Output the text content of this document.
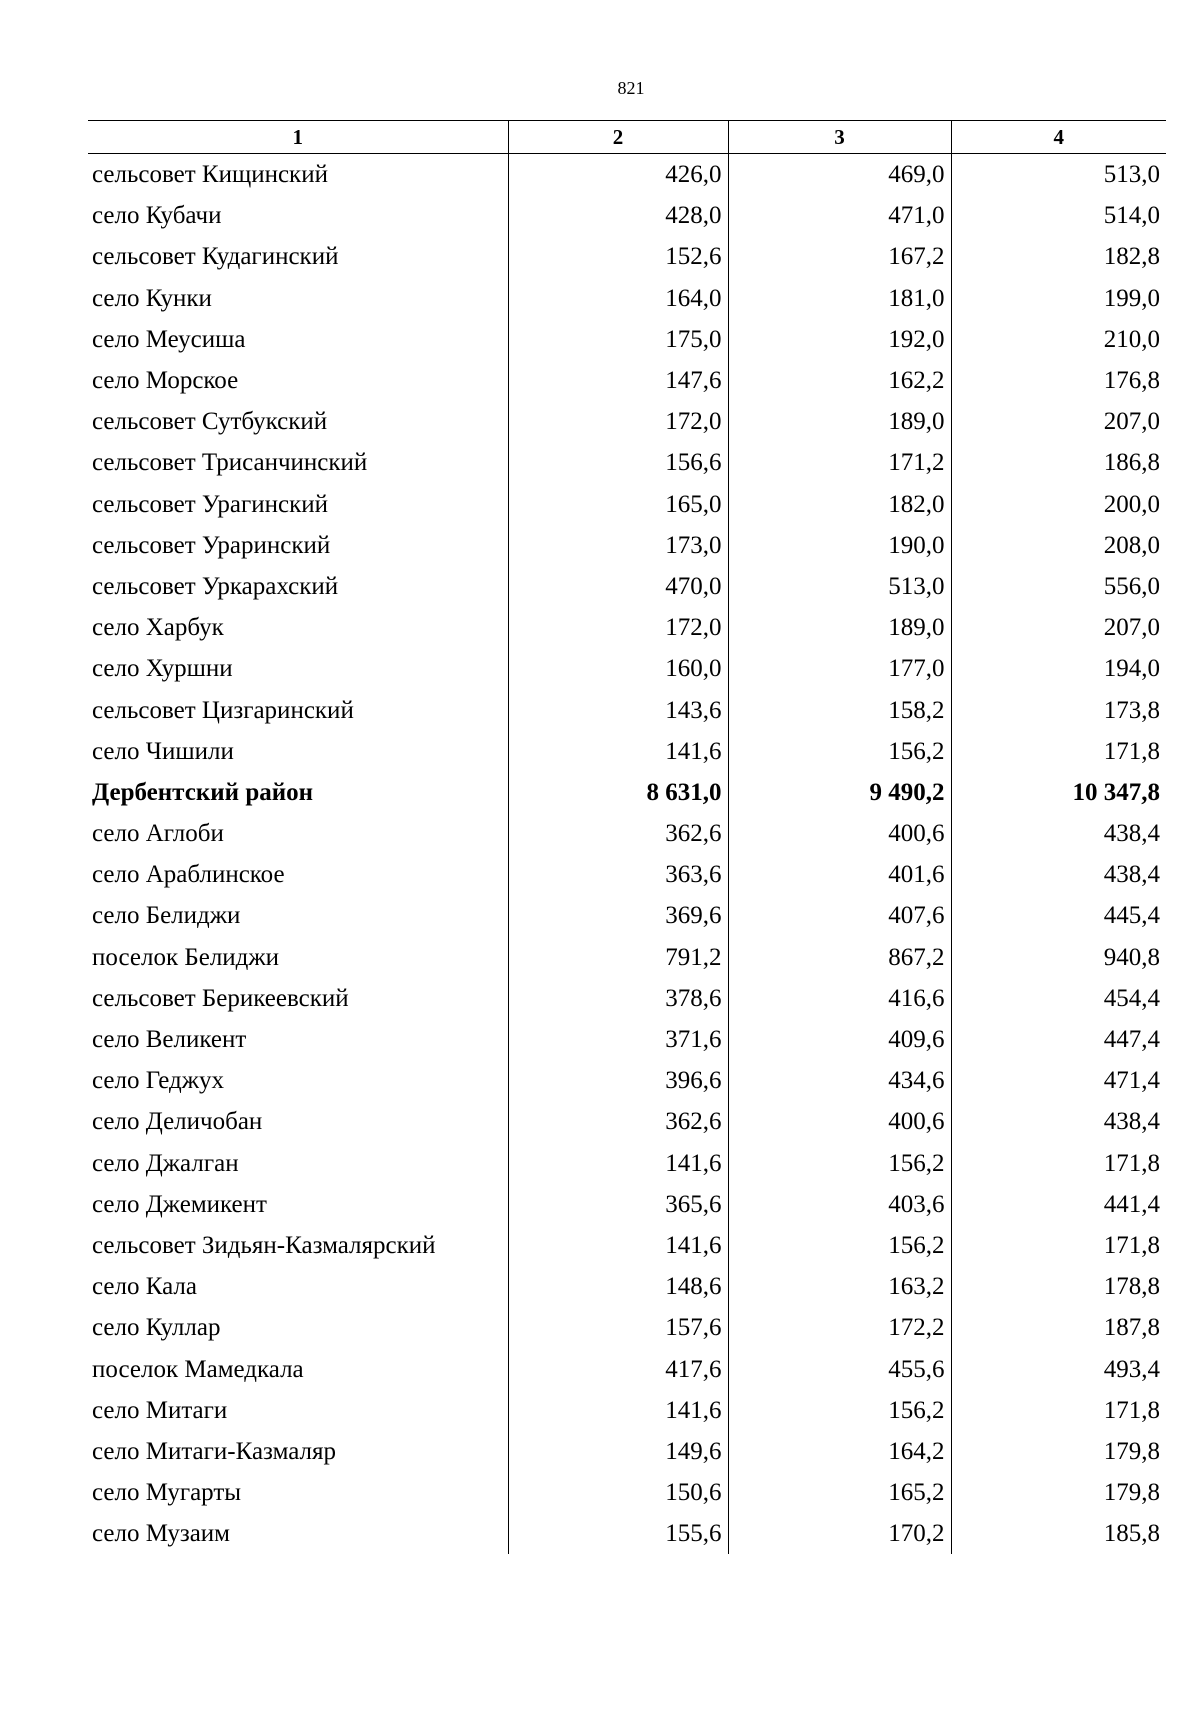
821
1	2	3	4
сельсовет Кищинский	426,0	469,0	513,0
село Кубачи	428,0	471,0	514,0
сельсовет Кудагинский	152,6	167,2	182,8
село Кунки	164,0	181,0	199,0
село Меусиша	175,0	192,0	210,0
село Морское	147,6	162,2	176,8
сельсовет Сутбукский	172,0	189,0	207,0
сельсовет Трисанчинский	156,6	171,2	186,8
сельсовет Урагинский	165,0	182,0	200,0
сельсовет Ураринский	173,0	190,0	208,0
сельсовет Уркарахский	470,0	513,0	556,0
село Харбук	172,0	189,0	207,0
село Хуршни	160,0	177,0	194,0
сельсовет Цизгаринский	143,6	158,2	173,8
село Чишили	141,6	156,2	171,8
Дербентский район	8 631,0	9 490,2	10 347,8
село Аглоби	362,6	400,6	438,4
село Араблинское	363,6	401,6	438,4
село Белиджи	369,6	407,6	445,4
поселок Белиджи	791,2	867,2	940,8
сельсовет Берикеевский	378,6	416,6	454,4
село Великент	371,6	409,6	447,4
село Геджух	396,6	434,6	471,4
село Деличобан	362,6	400,6	438,4
село Джалган	141,6	156,2	171,8
село Джемикент	365,6	403,6	441,4
сельсовет Зидьян-Казмалярский	141,6	156,2	171,8
село Кала	148,6	163,2	178,8
село Куллар	157,6	172,2	187,8
поселок Мамедкала	417,6	455,6	493,4
село Митаги	141,6	156,2	171,8
село Митаги-Казмаляр	149,6	164,2	179,8
село Мугарты	150,6	165,2	179,8
село Музаим	155,6	170,2	185,8
